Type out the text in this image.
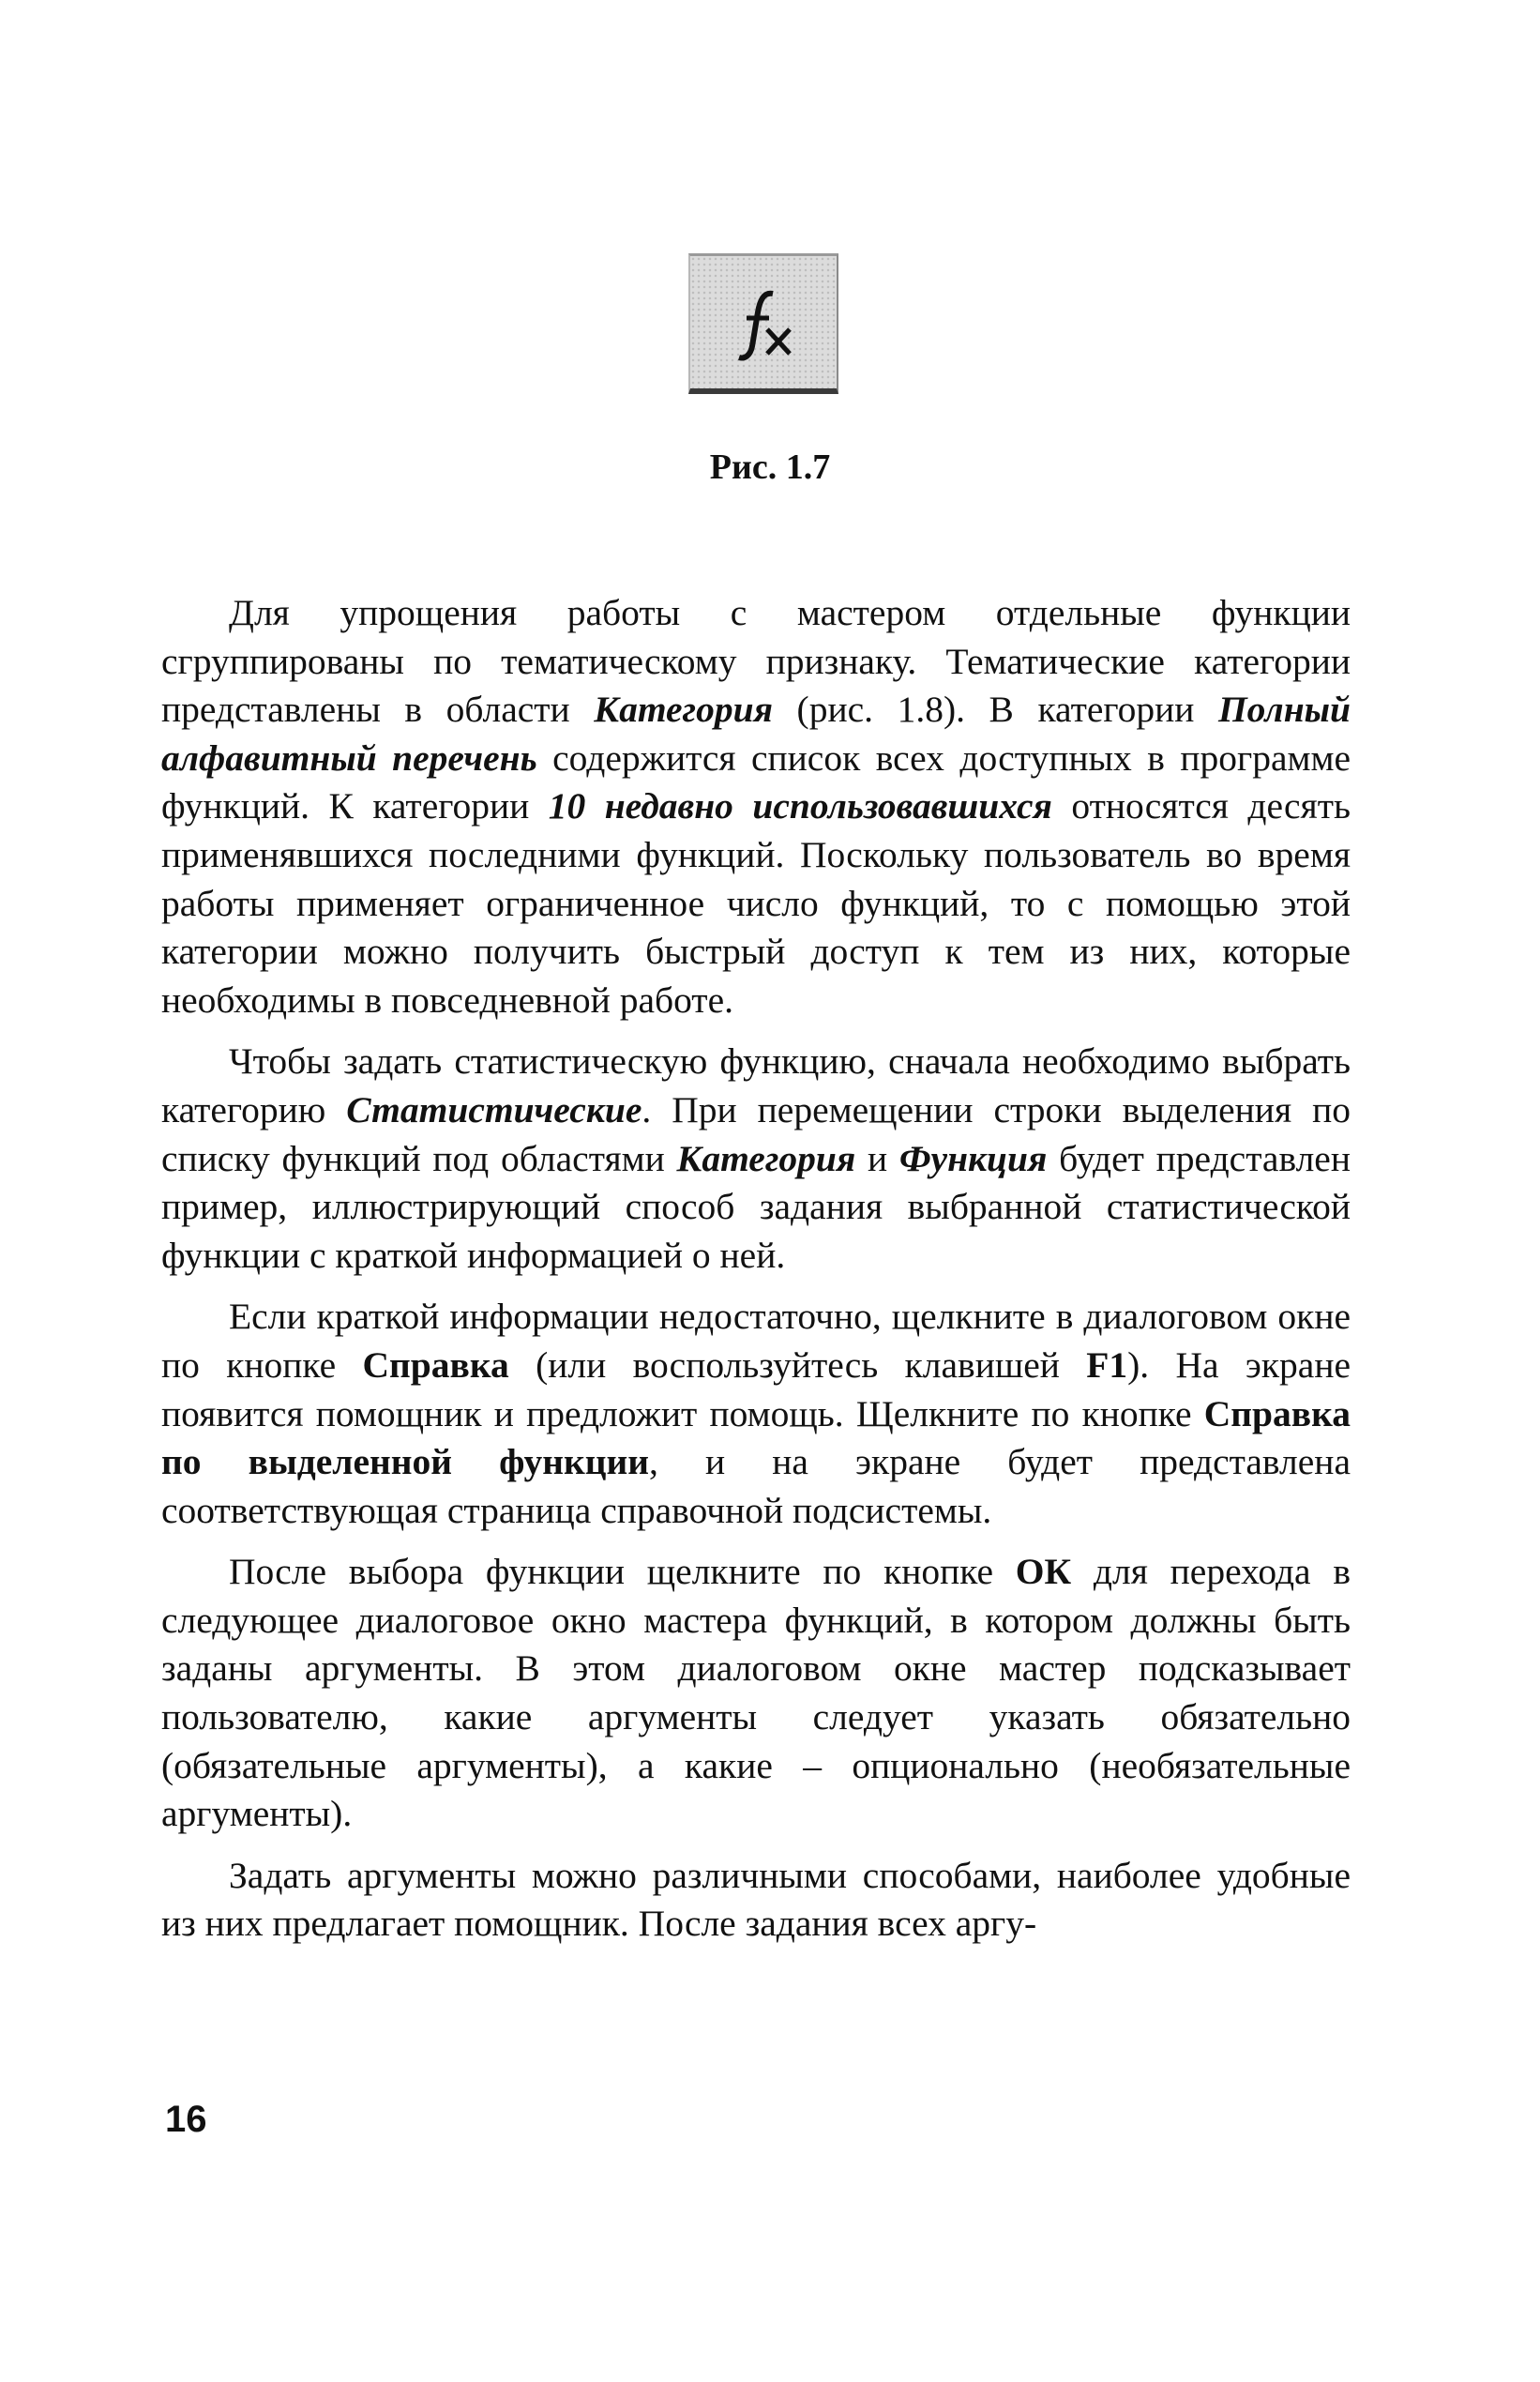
Рис. 1.7

Для упрощения работы с мастером отдельные функции сгруппированы по тематическому признаку. Тематические категории представлены в области Категория (рис. 1.8). В категории Полный алфавитный перечень содержится список всех доступных в программе функций. К категории 10 недавно использовавшихся относятся десять применявшихся последними функций. Поскольку пользователь во время работы применяет ограниченное число функций, то с помощью этой категории можно получить быстрый доступ к тем из них, которые необходимы в повседневной работе.

Чтобы задать статистическую функцию, сначала необходимо выбрать категорию Статистические. При перемещении строки выделения по списку функций под областями Категория и Функция будет представлен пример, иллюстрирующий способ задания выбранной статистической функции с краткой информацией о ней.

Если краткой информации недостаточно, щелкните в диалоговом окне по кнопке Справка (или воспользуйтесь клавишей F1). На экране появится помощник и предложит помощь. Щелкните по кнопке Справка по выделенной функции, и на экране будет представлена соответствующая страница справочной подсистемы.

После выбора функции щелкните по кнопке ОК для перехода в следующее диалоговое окно мастера функций, в котором должны быть заданы аргументы. В этом диалоговом окне мастер подсказывает пользователю, какие аргументы следует указать обязательно (обязательные аргументы), а какие – опционально (необязательные аргументы).

Задать аргументы можно различными способами, наиболее удобные из них предлагает помощник. После задания всех аргу-

16
